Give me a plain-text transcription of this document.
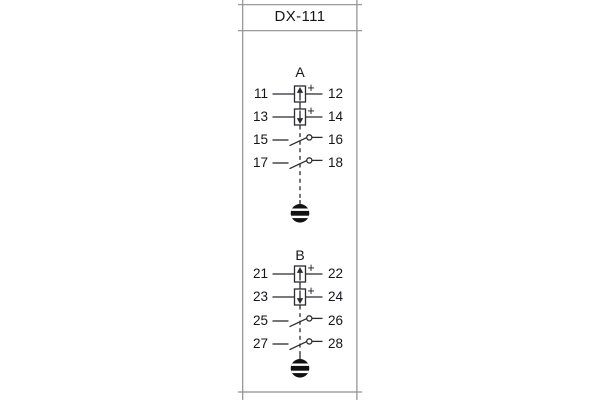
DX-111
A
11	12
+
13	14
+
15	16
17	18
B
21	22
+
23	24
+
25	26
27	28
